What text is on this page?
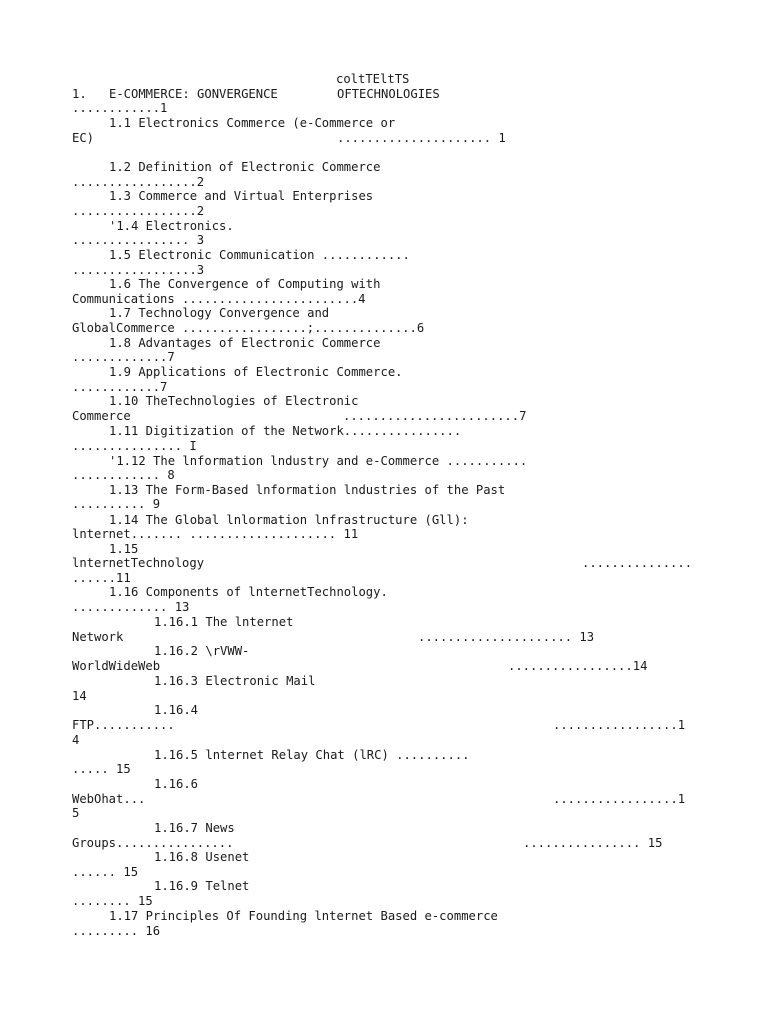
coltTEltTS
1. E-COMMERCE: GONVERGENCE	OFTECHNOLOGIES
............1
1.1 Electronics Commerce (e-Commerce or
EC)	..................... 1
1.2 Definition of Electronic Commerce
.................2
1.3 Commerce and Virtual Enterprises
.................2
'1.4 Electronics.
................ 3
1.5 Electronic Communication ............
.................3
1.6 The Convergence of Computing with
Communications ........................4
1.7 Technology Convergence and
GlobalCommerce .................;..............6
1.8 Advantages of Electronic Commerce
.............7
1.9 Applications of Electronic Commerce.
............7
1.10 TheTechnologies of Electronic
Commerce	........................7
1.11 Digitization of the Network................
............... I
'1.12 The lnformation lndustry and e-Commerce ...........
............ 8
1.13 The Form-Based lnformation lndustries of the Past
.......... 9
1.14 The Global lnlormation lnfrastructure (Gll):
lnternet....... .................... 11
1.15
lnternetTechnology	...............
......11
1.16 Components of lnternetTechnology.
............. 13
1.16.1 The lnternet
Network	..................... 13
1.16.2 \rVWW-
WorldWideWeb	.................14
1.16.3 Electronic Mail
14
1.16.4
FTP...........	.................1
4
1.16.5 lnternet Relay Chat (lRC) ..........
..... 15
1.16.6
WebOhat...	.................1
5
1.16.7 News
Groups................	................ 15
1.16.8 Usenet
...... 15
1.16.9 Telnet
........ 15
1.17 Principles Of Founding lnternet Based e-commerce
......... 16
